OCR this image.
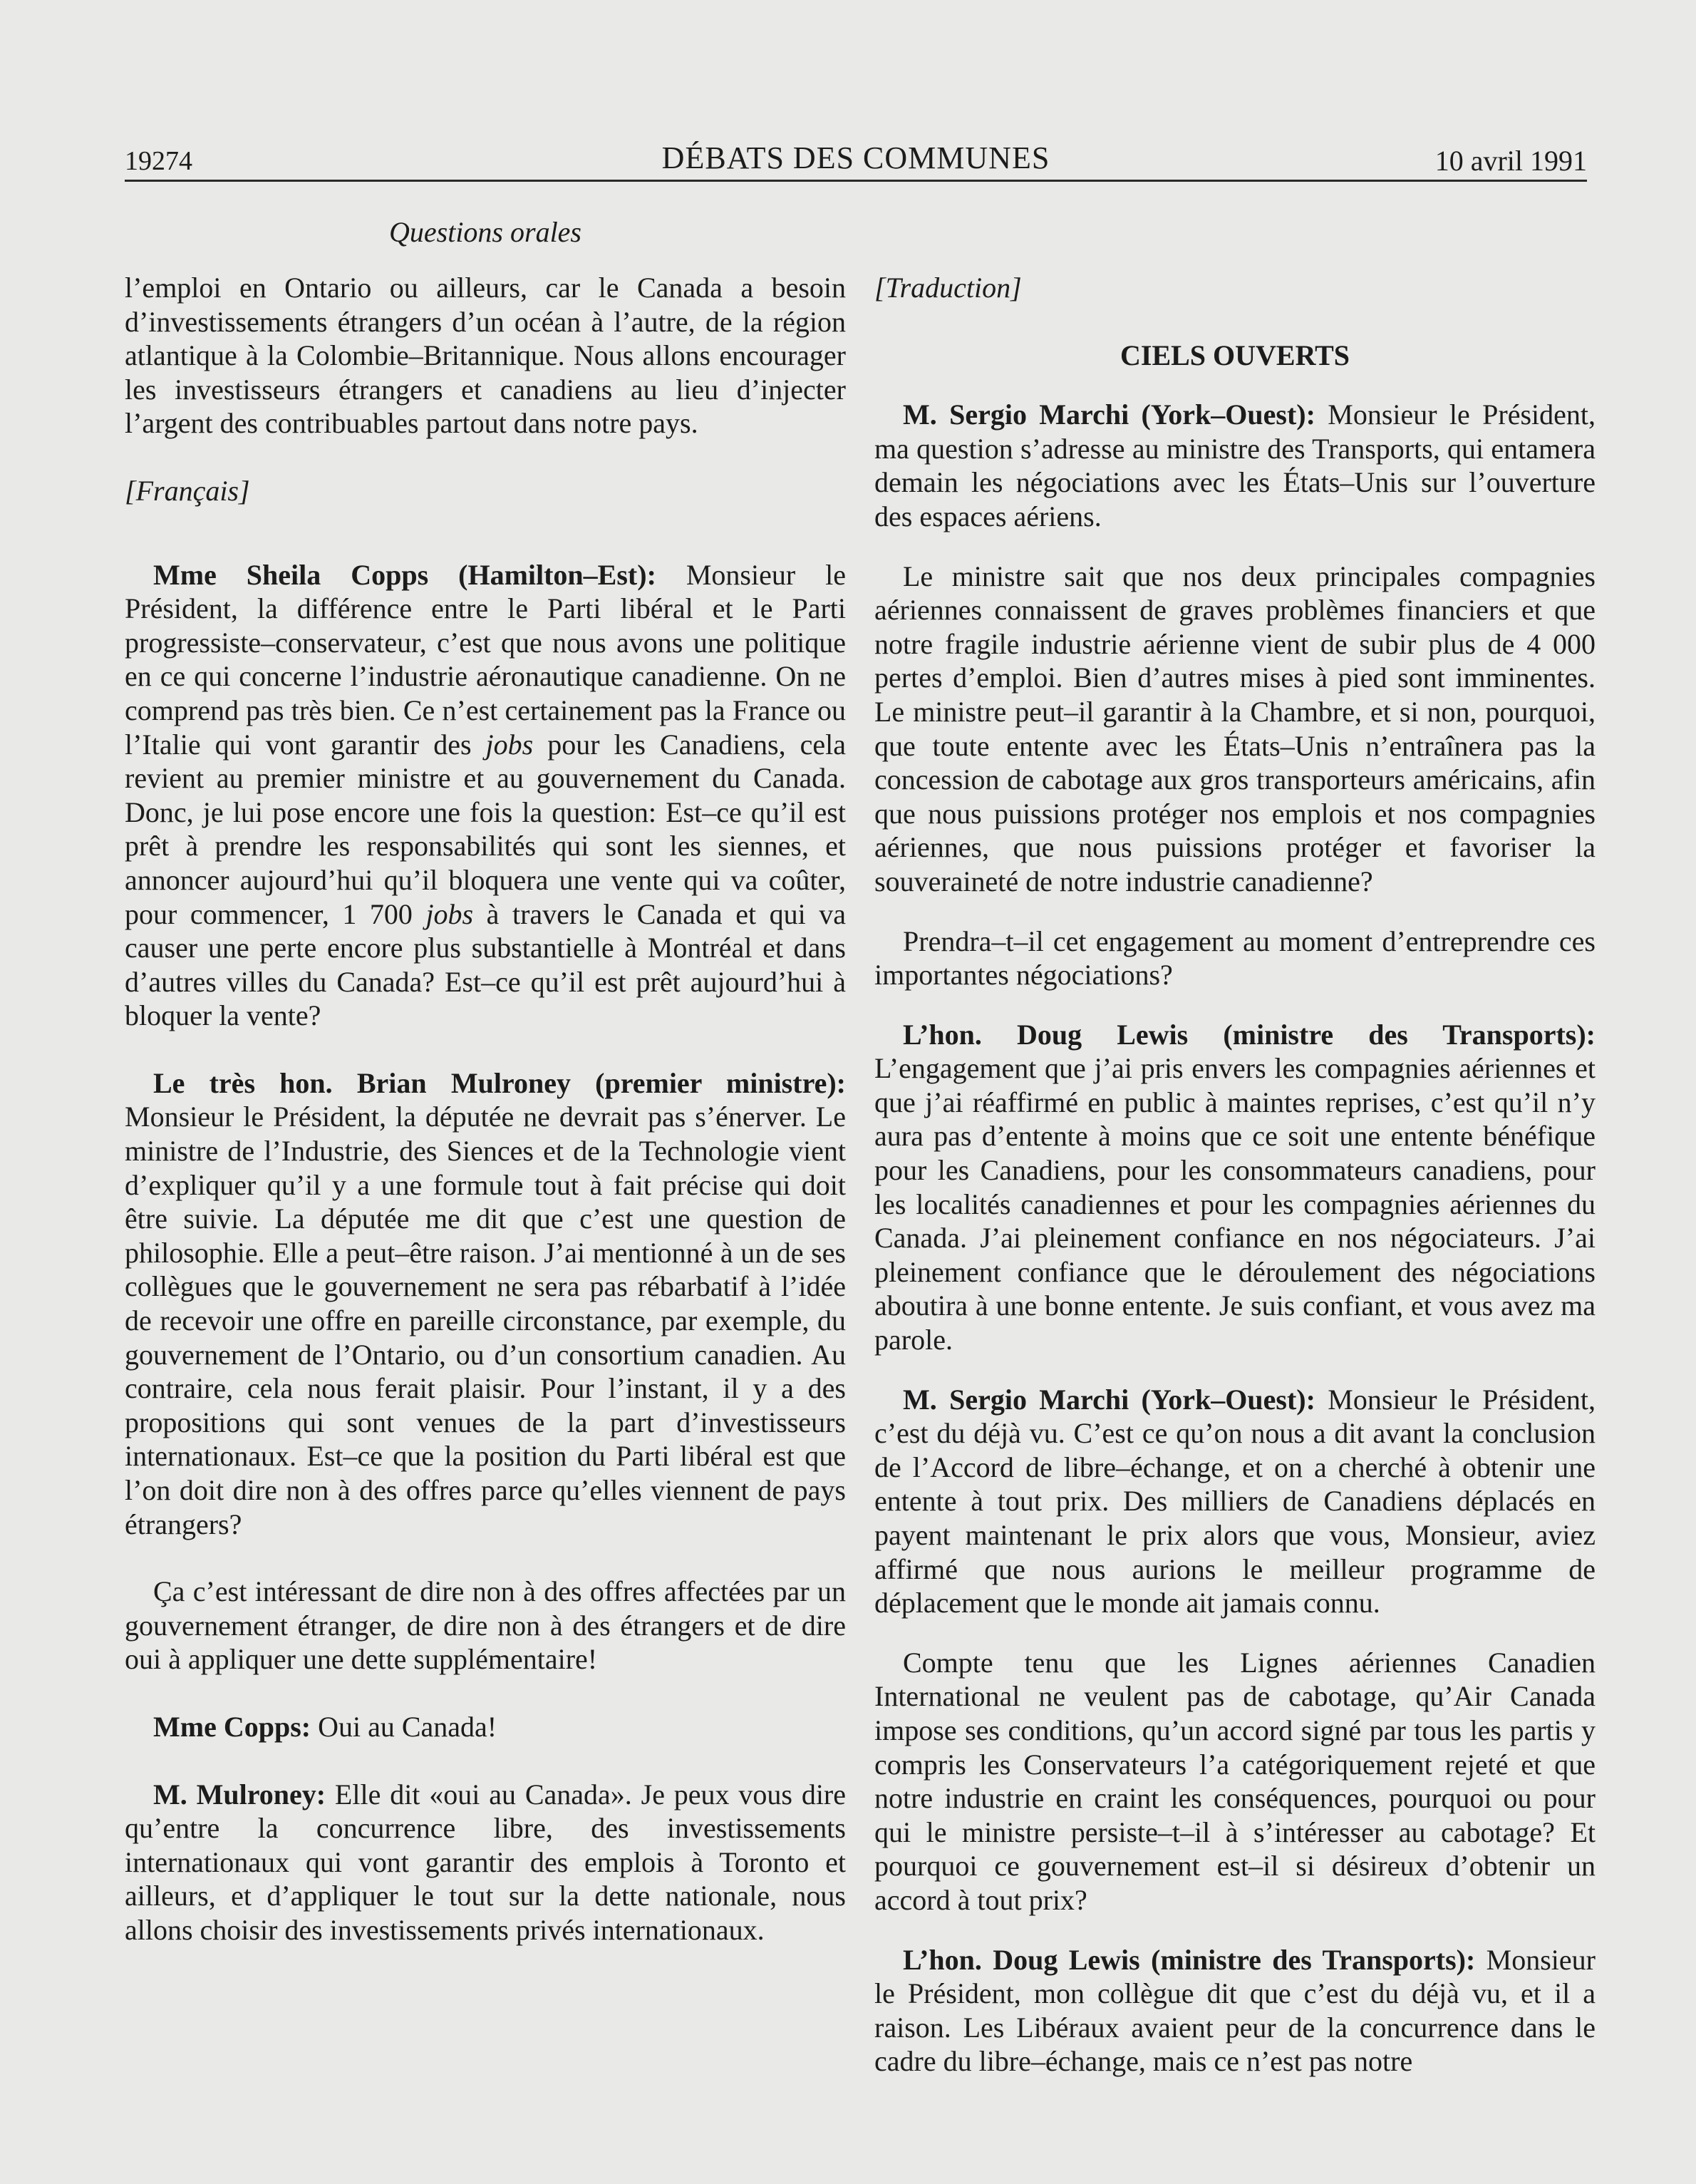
19274	DÉBATS DES COMMUNES	10 avril 1991
Questions orales

l’emploi en Ontario ou ailleurs, car le Canada a besoin d’investissements étrangers d’un océan à l’autre, de la région atlantique à la Colombie–Britannique. Nous allons encourager les investisseurs étrangers et canadiens au lieu d’injecter l’argent des contribuables partout dans notre pays.

[Français]

Mme Sheila Copps (Hamilton–Est): Monsieur le Président, la différence entre le Parti libéral et le Parti progressiste–conservateur, c’est que nous avons une politique en ce qui concerne l’industrie aéronautique canadienne. On ne comprend pas très bien. Ce n’est certainement pas la France ou l’Italie qui vont garantir des jobs pour les Canadiens, cela revient au premier ministre et au gouvernement du Canada. Donc, je lui pose encore une fois la question: Est–ce qu’il est prêt à prendre les responsabilités qui sont les siennes, et annoncer aujourd’hui qu’il bloquera une vente qui va coûter, pour commencer, 1 700 jobs à travers le Canada et qui va causer une perte encore plus substantielle à Montréal et dans d’autres villes du Canada? Est–ce qu’il est prêt aujourd’hui à bloquer la vente?

Le très hon. Brian Mulroney (premier ministre): Monsieur le Président, la députée ne devrait pas s’énerver. Le ministre de l’Industrie, des Siences et de la Technologie vient d’expliquer qu’il y a une formule tout à fait précise qui doit être suivie. La députée me dit que c’est une question de philosophie. Elle a peut–être raison. J’ai mentionné à un de ses collègues que le gouvernement ne sera pas rébarbatif à l’idée de recevoir une offre en pareille circonstance, par exemple, du gouvernement de l’Ontario, ou d’un consortium canadien. Au contraire, cela nous ferait plaisir. Pour l’instant, il y a des propositions qui sont venues de la part d’investisseurs internationaux. Est–ce que la position du Parti libéral est que l’on doit dire non à des offres parce qu’elles viennent de pays étrangers?

Ça c’est intéressant de dire non à des offres affectées par un gouvernement étranger, de dire non à des étrangers et de dire oui à appliquer une dette supplémentaire!

Mme Copps: Oui au Canada!

M. Mulroney: Elle dit «oui au Canada». Je peux vous dire qu’entre la concurrence libre, des investissements internationaux qui vont garantir des emplois à Toronto et ailleurs, et d’appliquer le tout sur la dette nationale, nous allons choisir des investissements privés internationaux.

[Traduction]

CIELS OUVERTS

M. Sergio Marchi (York–Ouest): Monsieur le Président, ma question s’adresse au ministre des Transports, qui entamera demain les négociations avec les États–Unis sur l’ouverture des espaces aériens.

Le ministre sait que nos deux principales compagnies aériennes connaissent de graves problèmes financiers et que notre fragile industrie aérienne vient de subir plus de 4 000 pertes d’emploi. Bien d’autres mises à pied sont imminentes. Le ministre peut–il garantir à la Chambre, et si non, pourquoi, que toute entente avec les États–Unis n’entraînera pas la concession de cabotage aux gros transporteurs américains, afin que nous puissions protéger nos emplois et nos compagnies aériennes, que nous puissions protéger et favoriser la souveraineté de notre industrie canadienne?

Prendra–t–il cet engagement au moment d’entreprendre ces importantes négociations?

L’hon. Doug Lewis (ministre des Transports): L’engagement que j’ai pris envers les compagnies aériennes et que j’ai réaffirmé en public à maintes reprises, c’est qu’il n’y aura pas d’entente à moins que ce soit une entente bénéfique pour les Canadiens, pour les consommateurs canadiens, pour les localités canadiennes et pour les compagnies aériennes du Canada. J’ai pleinement confiance en nos négociateurs. J’ai pleinement confiance que le déroulement des négociations aboutira à une bonne entente. Je suis confiant, et vous avez ma parole.

M. Sergio Marchi (York–Ouest): Monsieur le Président, c’est du déjà vu. C’est ce qu’on nous a dit avant la conclusion de l’Accord de libre–échange, et on a cherché à obtenir une entente à tout prix. Des milliers de Canadiens déplacés en payent maintenant le prix alors que vous, Monsieur, aviez affirmé que nous aurions le meilleur programme de déplacement que le monde ait jamais connu.

Compte tenu que les Lignes aériennes Canadien International ne veulent pas de cabotage, qu’Air Canada impose ses conditions, qu’un accord signé par tous les partis y compris les Conservateurs l’a catégoriquement rejeté et que notre industrie en craint les conséquences, pourquoi ou pour qui le ministre persiste–t–il à s’intéresser au cabotage? Et pourquoi ce gouvernement est–il si désireux d’obtenir un accord à tout prix?

L’hon. Doug Lewis (ministre des Transports): Monsieur le Président, mon collègue dit que c’est du déjà vu, et il a raison. Les Libéraux avaient peur de la concurrence dans le cadre du libre–échange, mais ce n’est pas notre
